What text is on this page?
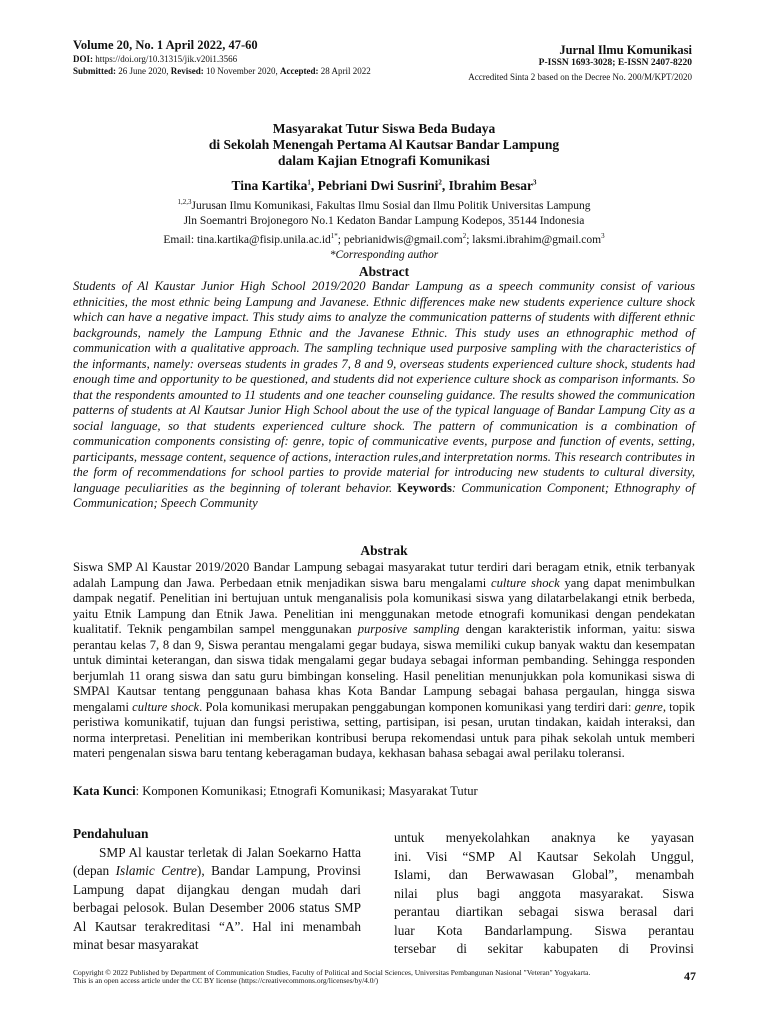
Volume 20, No. 1 April 2022, 47-60
DOI: https://doi.org/10.31315/jik.v20i1.3566
Submitted: 26 June 2020, Revised: 10 November 2020, Accepted: 28 April 2022
Jurnal Ilmu Komunikasi
P-ISSN 1693-3028; E-ISSN 2407-8220
Accredited Sinta 2 based on the Decree No. 200/M/KPT/2020
Masyarakat Tutur Siswa Beda Budaya
di Sekolah Menengah Pertama Al Kautsar Bandar Lampung
dalam Kajian Etnografi Komunikasi
Tina Kartika$^1$, Pebriani Dwi Susrini$^2$, Ibrahim Besar$^3$
$^{1,2,3}$Jurusan Ilmu Komunikasi, Fakultas Ilmu Sosial dan Ilmu Politik Universitas Lampung
Jln Soemantri Brojonegoro No.1 Kedaton Bandar Lampung Kodepos, 35144 Indonesia
Email: $tina.kartika@fisip.unila.ac.id^{1*}$; pebrianidwis@gmail.com$^2$; laksmi.ibrahim@gmail.com$^3$
*Corresponding author
Abstract
Students of Al Kaustar Junior High School 2019/2020 Bandar Lampung as a speech community consist of various ethnicities, the most ethnic being Lampung and Javanese. Ethnic differences make new students experience culture shock which can have a negative impact. This study aims to analyze the communication patterns of students with different ethnic backgrounds, namely the Lampung Ethnic and the Javanese Ethnic. This study uses an ethnographic method of communication with a qualitative approach. The sampling technique used purposive sampling with the characteristics of the informants, namely: overseas students in grades 7, 8 and 9, overseas students experienced culture shock, students had enough time and opportunity to be questioned, and students did not experience culture shock as comparison informants. So that the respondents amounted to 11 students and one teacher counseling guidance. The results showed the communication patterns of students at Al Kautsar Junior High School about the use of the typical language of Bandar Lampung City as a social language, so that students experienced culture shock. The pattern of communication is a combination of communication components consisting of: genre, topic of communicative events, purpose and function of events, setting, participants, message content, sequence of actions, interaction rules,and interpretation norms. This research contributes in the form of recommendations for school parties to provide material for introducing new students to cultural diversity, language peculiarities as the beginning of tolerant behavior. Keywords: Communication Component; Ethnography of Communication; Speech Community
Abstrak
Siswa SMP Al Kaustar 2019/2020 Bandar Lampung sebagai masyarakat tutur terdiri dari beragam etnik, etnik terbanyak adalah Lampung dan Jawa. Perbedaan etnik menjadikan siswa baru mengalami culture shock yang dapat menimbulkan dampak negatif. Penelitian ini bertujuan untuk menganalisis pola komunikasi siswa yang dilatarbelakangi etnik berbeda, yaitu Etnik Lampung dan Etnik Jawa. Penelitian ini menggunakan metode etnografi komunikasi dengan pendekatan kualitatif. Teknik pengambilan sampel menggunakan purposive sampling dengan karakteristik informan, yaitu: siswa perantau kelas 7, 8 dan 9, Siswa perantau mengalami gegar budaya, siswa memiliki cukup banyak waktu dan kesempatan untuk dimintai keterangan, dan siswa tidak mengalami gegar budaya sebagai informan pembanding. Sehingga responden berjumlah 11 orang siswa dan satu guru bimbingan konseling. Hasil penelitian menunjukkan pola komunikasi siswa di SMPAl Kautsar tentang penggunaan bahasa khas Kota Bandar Lampung sebagai bahasa pergaulan, hingga siswa mengalami culture shock. Pola komunikasi merupakan penggabungan komponen komunikasi yang terdiri dari: genre, topik peristiwa komunikatif, tujuan dan fungsi peristiwa, setting, partisipan, isi pesan, urutan tindakan, kaidah interaksi, dan norma interpretasi. Penelitian ini memberikan kontribusi berupa rekomendasi untuk para pihak sekolah untuk memberi materi pengenalan siswa baru tentang keberagaman budaya, kekhasan bahasa sebagai awal perilaku toleransi.
Kata Kunci: Komponen Komunikasi; Etnografi Komunikasi; Masyarakat Tutur
Pendahuluan
SMP Al kaustar terletak di Jalan Soekarno Hatta (depan Islamic Centre), Bandar Lampung, Provinsi Lampung dapat dijangkau dengan mudah dari berbagai pelosok. Bulan Desember 2006 status SMP Al Kautsar terakreditasi “A”. Hal ini menambah minat besar masyarakat
untuk menyekolahkan anaknya ke yayasan
ini. Visi “SMP Al Kautsar Sekolah Unggul,
Islami, dan Berwawasan Global”, menambah
nilai plus bagi anggota masyarakat. Siswa
perantau diartikan sebagai siswa berasal dari
luar Kota Bandarlampung. Siswa perantau
tersebar di sekitar kabupaten di Provinsi
Copyright © 2022 Published by Department of Communication Studies, Faculty of Political and Social Sciences, Universitas Pembangunan Nasional "Veteran" Yogyakarta.
This is an open access article under the CC BY license (https://creativecommons.org/licenses/by/4.0/)	47
